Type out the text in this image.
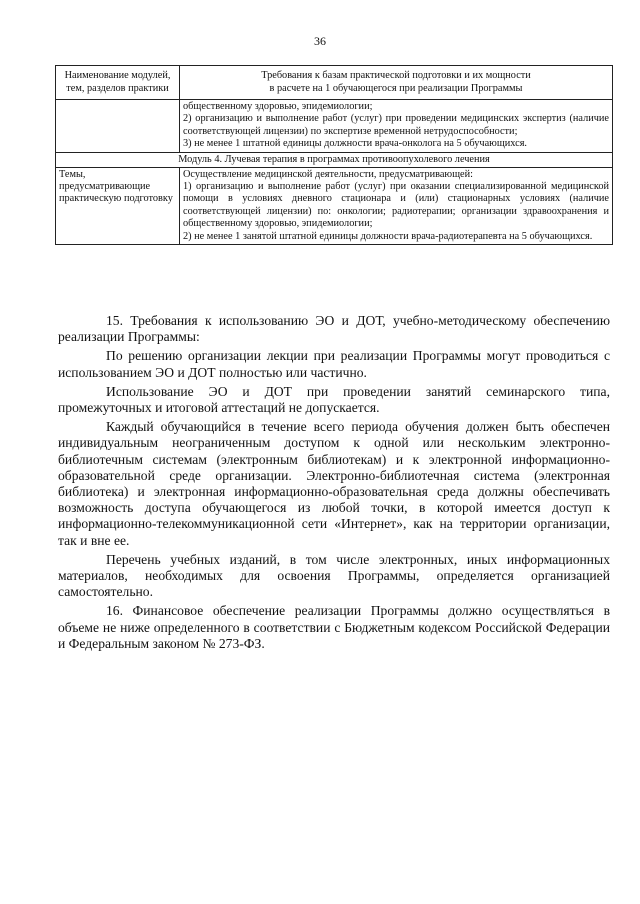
36
Наименование модулей, тем, разделов практики	Требования к базам практической подготовки и их мощности
в расчете на 1 обучающегося при реализации Программы

	общественному здоровью, эпидемиологии;
2) организацию и выполнение работ (услуг) при проведении медицинских экспертиз (наличие соответствующей лицензии) по экспертизе временной нетрудоспособности;
3) не менее 1 штатной единицы должности врача-онколога на 5 обучающихся.

Модуль 4. Лучевая терапия в программах противоопухолевого лечения	
Темы, предусматривающие практическую подготовку	Осуществление медицинской деятельности, предусматривающей:
1) организацию и выполнение работ (услуг) при оказании специализированной медицинской помощи в условиях дневного стационара и (или) стационарных условиях (наличие соответствующей лицензии) по: онкологии; радиотерапии; организации здравоохранения и общественному здоровью, эпидемиологии;
2) не менее 1 занятой штатной единицы должности врача-радиотерапевта на 5 обучающихся.

15. Требования к использованию ЭО и ДОТ, учебно-методическому обеспечению реализации Программы:

По решению организации лекции при реализации Программы могут проводиться с использованием ЭО и ДОТ полностью или частично.

Использование ЭО и ДОТ при проведении занятий семинарского типа, промежуточных и итоговой аттестаций не допускается.

Каждый обучающийся в течение всего периода обучения должен быть обеспечен индивидуальным неограниченным доступом к одной или нескольким электронно-библиотечным системам (электронным библиотекам) и к электронной информационно-образовательной среде организации. Электронно-библиотечная система (электронная библиотека) и электронная информационно-образовательная среда должны обеспечивать возможность доступа обучающегося из любой точки, в которой имеется доступ к информационно-телекоммуникационной сети «Интернет», как на территории организации, так и вне ее.

Перечень учебных изданий, в том числе электронных, иных информационных материалов, необходимых для освоения Программы, определяется организацией самостоятельно.

16. Финансовое обеспечение реализации Программы должно осуществляться в объеме не ниже определенного в соответствии с Бюджетным кодексом Российской Федерации и Федеральным законом № 273-ФЗ.
